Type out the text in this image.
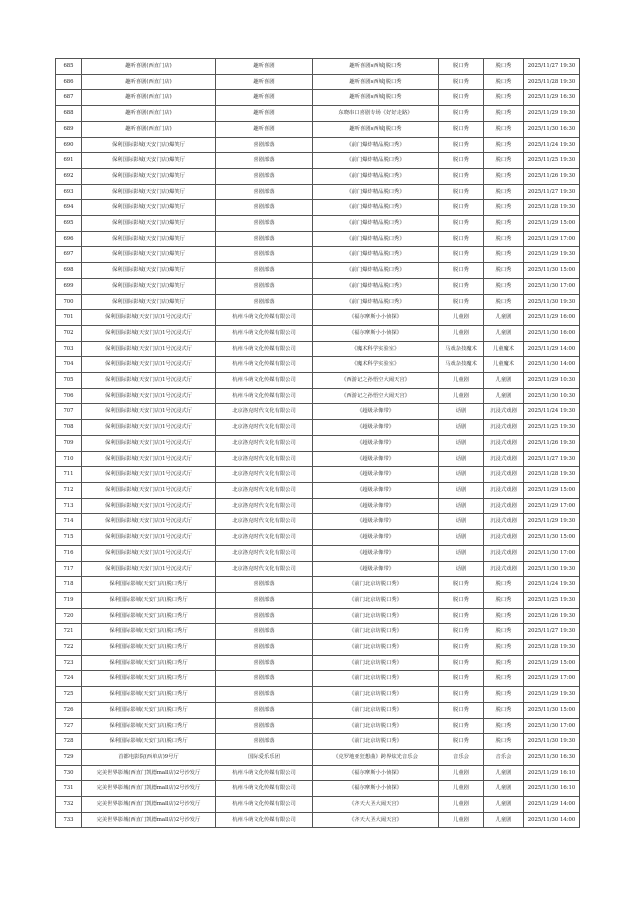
685	趣听喜剧(西直门店)	趣听喜剧	趣听喜剧s西城|脱口秀	脱口秀	脱口秀	2025/11/27 19:30
686	趣听喜剧(西直门店)	趣听喜剧	趣听喜剧s西城|脱口秀	脱口秀	脱口秀	2025/11/28 19:30
687	趣听喜剧(西直门店)	趣听喜剧	趣听喜剧s西城|脱口秀	脱口秀	脱口秀	2025/11/29 16:30
688	趣听喜剧(西直门店)	趣听喜剧	东晓串口喜剧专场《好好走路》	脱口秀	脱口秀	2025/11/29 19:30
689	趣听喜剧(西直门店)	趣听喜剧	趣听喜剧s西城|脱口秀	脱口秀	脱口秀	2025/11/30 16:30
690	保利国际影城(天安门店)爆笑厅	喜剧部落	《前门爆炸精品脱口秀》	脱口秀	脱口秀	2025/11/24 19:30
691	保利国际影城(天安门店)爆笑厅	喜剧部落	《前门爆炸精品脱口秀》	脱口秀	脱口秀	2025/11/25 19:30
692	保利国际影城(天安门店)爆笑厅	喜剧部落	《前门爆炸精品脱口秀》	脱口秀	脱口秀	2025/11/26 19:30
693	保利国际影城(天安门店)爆笑厅	喜剧部落	《前门爆炸精品脱口秀》	脱口秀	脱口秀	2025/11/27 19:30
694	保利国际影城(天安门店)爆笑厅	喜剧部落	《前门爆炸精品脱口秀》	脱口秀	脱口秀	2025/11/28 19:30
695	保利国际影城(天安门店)爆笑厅	喜剧部落	《前门爆炸精品脱口秀》	脱口秀	脱口秀	2025/11/29 15:00
696	保利国际影城(天安门店)爆笑厅	喜剧部落	《前门爆炸精品脱口秀》	脱口秀	脱口秀	2025/11/29 17:00
697	保利国际影城(天安门店)爆笑厅	喜剧部落	《前门爆炸精品脱口秀》	脱口秀	脱口秀	2025/11/29 19:30
698	保利国际影城(天安门店)爆笑厅	喜剧部落	《前门爆炸精品脱口秀》	脱口秀	脱口秀	2025/11/30 15:00
699	保利国际影城(天安门店)爆笑厅	喜剧部落	《前门爆炸精品脱口秀》	脱口秀	脱口秀	2025/11/30 17:00
700	保利国际影城(天安门店)爆笑厅	喜剧部落	《前门爆炸精品脱口秀》	脱口秀	脱口秀	2025/11/30 19:30
701	保利国际影城(天安门店)1号沉浸式厅	杭州斗萌文化传媒有限公司	《福尔摩斯小小侦探》	儿童剧	儿童剧	2025/11/29 16:00
702	保利国际影城(天安门店)1号沉浸式厅	杭州斗萌文化传媒有限公司	《福尔摩斯小小侦探》	儿童剧	儿童剧	2025/11/30 16:00
703	保利国际影城(天安门店)1号沉浸式厅	杭州斗萌文化传媒有限公司	《魔术科学实验室》	马戏杂技魔术	儿童魔术	2025/11/29 14:00
704	保利国际影城(天安门店)1号沉浸式厅	杭州斗萌文化传媒有限公司	《魔术科学实验室》	马戏杂技魔术	儿童魔术	2025/11/30 14:00
705	保利国际影城(天安门店)1号沉浸式厅	杭州斗萌文化传媒有限公司	《西游记之孙悟空大闹天宫》	儿童剧	儿童剧	2025/11/29 10:30
706	保利国际影城(天安门店)1号沉浸式厅	杭州斗萌文化传媒有限公司	《西游记之孙悟空大闹天宫》	儿童剧	儿童剧	2025/11/30 10:30
707	保利国际影城(天安门店)1号沉浸式厅	北京洛克时代文化有限公司	《超级录像带》	话剧	沉浸式戏剧	2025/11/24 19:30
708	保利国际影城(天安门店)1号沉浸式厅	北京洛克时代文化有限公司	《超级录像带》	话剧	沉浸式戏剧	2025/11/25 19:30
709	保利国际影城(天安门店)1号沉浸式厅	北京洛克时代文化有限公司	《超级录像带》	话剧	沉浸式戏剧	2025/11/26 19:30
710	保利国际影城(天安门店)1号沉浸式厅	北京洛克时代文化有限公司	《超级录像带》	话剧	沉浸式戏剧	2025/11/27 19:30
711	保利国际影城(天安门店)1号沉浸式厅	北京洛克时代文化有限公司	《超级录像带》	话剧	沉浸式戏剧	2025/11/28 19:30
712	保利国际影城(天安门店)1号沉浸式厅	北京洛克时代文化有限公司	《超级录像带》	话剧	沉浸式戏剧	2025/11/29 15:00
713	保利国际影城(天安门店)1号沉浸式厅	北京洛克时代文化有限公司	《超级录像带》	话剧	沉浸式戏剧	2025/11/29 17:00
714	保利国际影城(天安门店)1号沉浸式厅	北京洛克时代文化有限公司	《超级录像带》	话剧	沉浸式戏剧	2025/11/29 19:30
715	保利国际影城(天安门店)1号沉浸式厅	北京洛克时代文化有限公司	《超级录像带》	话剧	沉浸式戏剧	2025/11/30 15:00
716	保利国际影城(天安门店)1号沉浸式厅	北京洛克时代文化有限公司	《超级录像带》	话剧	沉浸式戏剧	2025/11/30 17:00
717	保利国际影城(天安门店)1号沉浸式厅	北京洛克时代文化有限公司	《超级录像带》	话剧	沉浸式戏剧	2025/11/30 19:30
718	保利国际影城(天安门店)脱口秀厅	喜剧部落	《前门北京坊脱口秀》	脱口秀	脱口秀	2025/11/24 19:30
719	保利国际影城(天安门店)脱口秀厅	喜剧部落	《前门北京坊脱口秀》	脱口秀	脱口秀	2025/11/25 19:30
720	保利国际影城(天安门店)脱口秀厅	喜剧部落	《前门北京坊脱口秀》	脱口秀	脱口秀	2025/11/26 19:30
721	保利国际影城(天安门店)脱口秀厅	喜剧部落	《前门北京坊脱口秀》	脱口秀	脱口秀	2025/11/27 19:30
722	保利国际影城(天安门店)脱口秀厅	喜剧部落	《前门北京坊脱口秀》	脱口秀	脱口秀	2025/11/28 19:30
723	保利国际影城(天安门店)脱口秀厅	喜剧部落	《前门北京坊脱口秀》	脱口秀	脱口秀	2025/11/29 15:00
724	保利国际影城(天安门店)脱口秀厅	喜剧部落	《前门北京坊脱口秀》	脱口秀	脱口秀	2025/11/29 17:00
725	保利国际影城(天安门店)脱口秀厅	喜剧部落	《前门北京坊脱口秀》	脱口秀	脱口秀	2025/11/29 19:30
726	保利国际影城(天安门店)脱口秀厅	喜剧部落	《前门北京坊脱口秀》	脱口秀	脱口秀	2025/11/30 15:00
727	保利国际影城(天安门店)脱口秀厅	喜剧部落	《前门北京坊脱口秀》	脱口秀	脱口秀	2025/11/30 17:00
728	保利国际影城(天安门店)脱口秀厅	喜剧部落	《前门北京坊脱口秀》	脱口秀	脱口秀	2025/11/30 19:30
729	首都电影院(西单店)9号厅	国际爱乐乐团	《克罗地亚狂想曲》跨界炫光音乐会	音乐会	音乐会	2025/11/30 16:30
730	完美世界影城(西直门凯德mall店)2号沙发厅	杭州斗萌文化传媒有限公司	《福尔摩斯小小侦探》	儿童剧	儿童剧	2025/11/29 16:10
731	完美世界影城(西直门凯德mall店)2号沙发厅	杭州斗萌文化传媒有限公司	《福尔摩斯小小侦探》	儿童剧	儿童剧	2025/11/30 16:10
732	完美世界影城(西直门凯德mall店)2号沙发厅	杭州斗萌文化传媒有限公司	《齐天大圣大闹天宫》	儿童剧	儿童剧	2025/11/29 14:00
733	完美世界影城(西直门凯德mall店)2号沙发厅	杭州斗萌文化传媒有限公司	《齐天大圣大闹天宫》	儿童剧	儿童剧	2025/11/30 14:00
